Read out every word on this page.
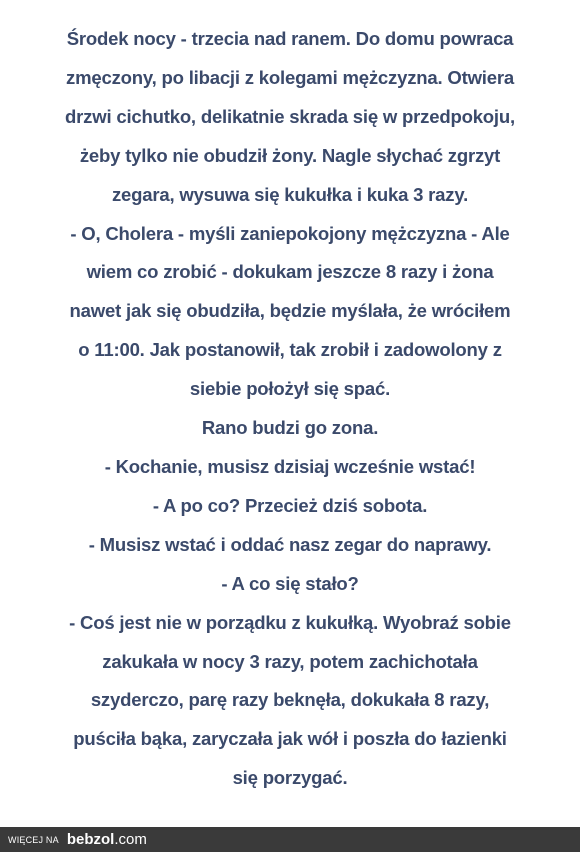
Środek nocy - trzecia nad ranem. Do domu powraca
zmęczony, po libacji z kolegami mężczyzna. Otwiera
drzwi cichutko, delikatnie skrada się w przedpokoju,
żeby tylko nie obudził żony. Nagle słychać zgrzyt
zegara, wysuwa się kukułka i kuka 3 razy.
- O, Cholera - myśli zaniepokojony mężczyzna - Ale
wiem co zrobić - dokukam jeszcze 8 razy i żona
nawet jak się obudziła, będzie myślała, że wróciłem
o 11:00. Jak postanowił, tak zrobił i zadowolony z
siebie położył się spać.
Rano budzi go zona.
- Kochanie, musisz dzisiaj wcześnie wstać!
- A po co? Przecież dziś sobota.
- Musisz wstać i oddać nasz zegar do naprawy.
- A co się stało?
- Coś jest nie w porządku z kukułką. Wyobraź sobie
zakukała w nocy 3 razy, potem zachichotała
szyderczo, parę razy beknęła, dokukała 8 razy,
puściła bąka, zaryczała jak wół i poszła do łazienki
się porzygać.
WIĘCEJ NA bebzol.com
